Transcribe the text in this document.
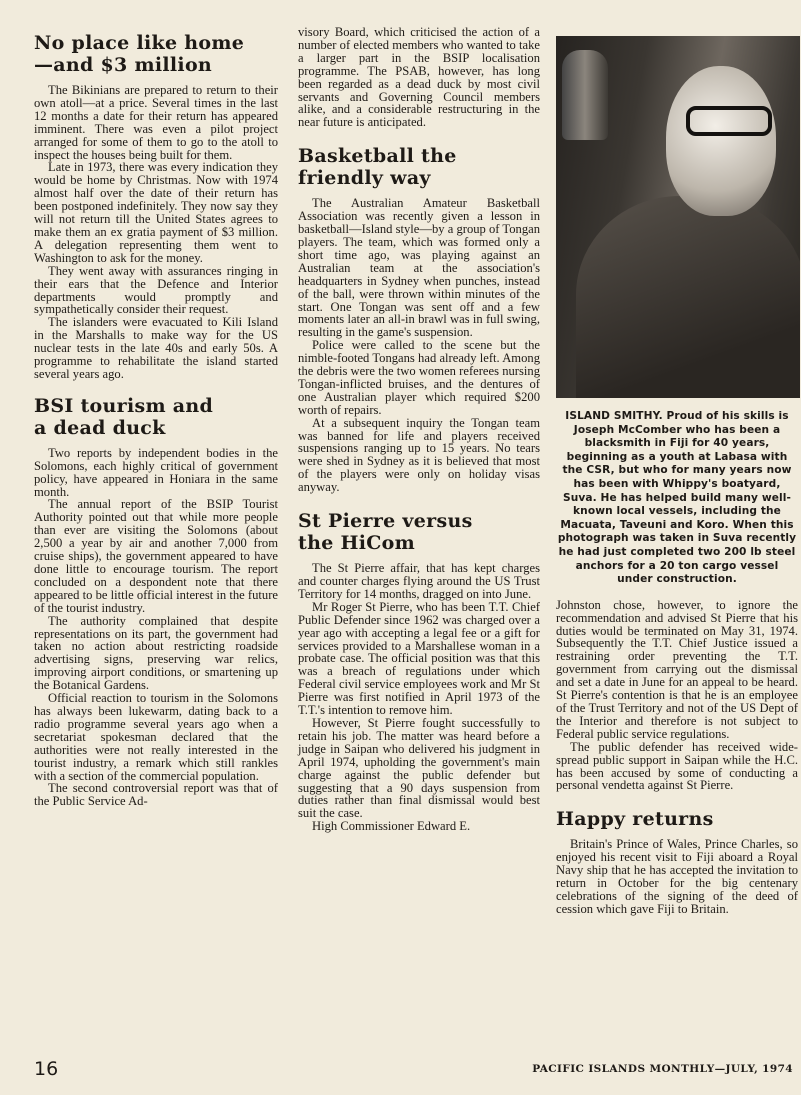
No place like home
—and $3 million

The Bikinians are prepared to return to their own atoll—at a price. Several times in the last 12 months a date for their return has appeared imminent. There was even a pilot project arranged for some of them to go to the atoll to inspect the houses being built for them.

Late in 1973, there was every indication they would be home by Christmas. Now with 1974 almost half over the date of their return has been postponed indefinitely. They now say they will not return till the United States agrees to make them an ex gratia payment of $3 million. A delegation representing them went to Washington to ask for the money.

They went away with assurances ringing in their ears that the Defence and Interior departments would promptly and sympathetically consider their request.

The islanders were evacuated to Kili Island in the Marshalls to make way for the US nuclear tests in the late 40s and early 50s. A programme to rehabilitate the island started several years ago.

BSI tourism and
a dead duck

Two reports by independent bodies in the Solomons, each highly critical of government policy, have appeared in Honiara in the same month.

The annual report of the BSIP Tourist Authority pointed out that while more people than ever are visiting the Solomons (about 2,500 a year by air and another 7,000 from cruise ships), the government appeared to have done little to encourage tourism. The report concluded on a despondent note that there appeared to be little official interest in the future of the tourist industry.

The authority complained that despite representations on its part, the government had taken no action about restricting roadside advertising signs, preserving war relics, improving airport conditions, or smartening up the Botanical Gardens.

Official reaction to tourism in the Solomons has always been lukewarm, dating back to a radio programme several years ago when a secretariat spokesman declared that the authorities were not really interested in the tourist industry, a remark which still rankles with a section of the commercial population.

The second controversial report was that of the Public Service Ad-

visory Board, which criticised the action of a number of elected members who wanted to take a larger part in the BSIP localisation programme. The PSAB, however, has long been regarded as a dead duck by most civil servants and Governing Council members alike, and a considerable restructuring in the near future is anticipated.

Basketball the
friendly way

The Australian Amateur Basketball Association was recently given a lesson in basketball—Island style—by a group of Tongan players. The team, which was formed only a short time ago, was playing against an Australian team at the association's headquarters in Sydney when punches, instead of the ball, were thrown within minutes of the start. One Tongan was sent off and a few moments later an all-in brawl was in full swing, resulting in the game's suspension.

Police were called to the scene but the nimble-footed Tongans had already left. Among the debris were the two women referees nursing Tongan-inflicted bruises, and the dentures of one Australian player which required $200 worth of repairs.

At a subsequent inquiry the Tongan team was banned for life and players received suspensions ranging up to 15 years. No tears were shed in Sydney as it is believed that most of the players were only on holiday visas anyway.

St Pierre versus
the HiCom

The St Pierre affair, that has kept charges and counter charges flying around the US Trust Territory for 14 months, dragged on into June.

Mr Roger St Pierre, who has been T.T. Chief Public Defender since 1962 was charged over a year ago with accepting a legal fee or a gift for services provided to a Marshallese woman in a probate case. The official position was that this was a breach of regulations under which Federal civil service employees work and Mr St Pierre was first notified in April 1973 of the T.T.'s intention to remove him.

However, St Pierre fought successfully to retain his job. The matter was heard before a judge in Saipan who delivered his judgment in April 1974, upholding the government's main charge against the public defender but suggesting that a 90 days suspension from duties rather than final dismissal would best suit the case.

High Commissioner Edward E.

ISLAND SMITHY. Proud of his skills is Joseph McComber who has been a blacksmith in Fiji for 40 years, beginning as a youth at Labasa with the CSR, but who for many years now has been with Whippy's boatyard, Suva. He has helped build many well-known local vessels, including the Macuata, Taveuni and Koro. When this photograph was taken in Suva recently he had just completed two 200 lb steel anchors for a 20 ton cargo vessel under construction.

Johnston chose, however, to ignore the recommendation and advised St Pierre that his duties would be terminated on May 31, 1974. Subsequently the T.T. Chief Justice issued a restraining order preventing the T.T. government from carrying out the dismissal and set a date in June for an appeal to be heard. St Pierre's contention is that he is an employee of the Trust Territory and not of the US Dept of the Interior and therefore is not subject to Federal public service regulations.

The public defender has received wide-spread public support in Saipan while the H.C. has been accused by some of conducting a personal vendetta against St Pierre.

Happy returns

Britain's Prince of Wales, Prince Charles, so enjoyed his recent visit to Fiji aboard a Royal Navy ship that he has accepted the invitation to return in October for the big centenary celebrations of the signing of the deed of cession which gave Fiji to Britain.

16	PACIFIC ISLANDS MONTHLY—JULY, 1974
